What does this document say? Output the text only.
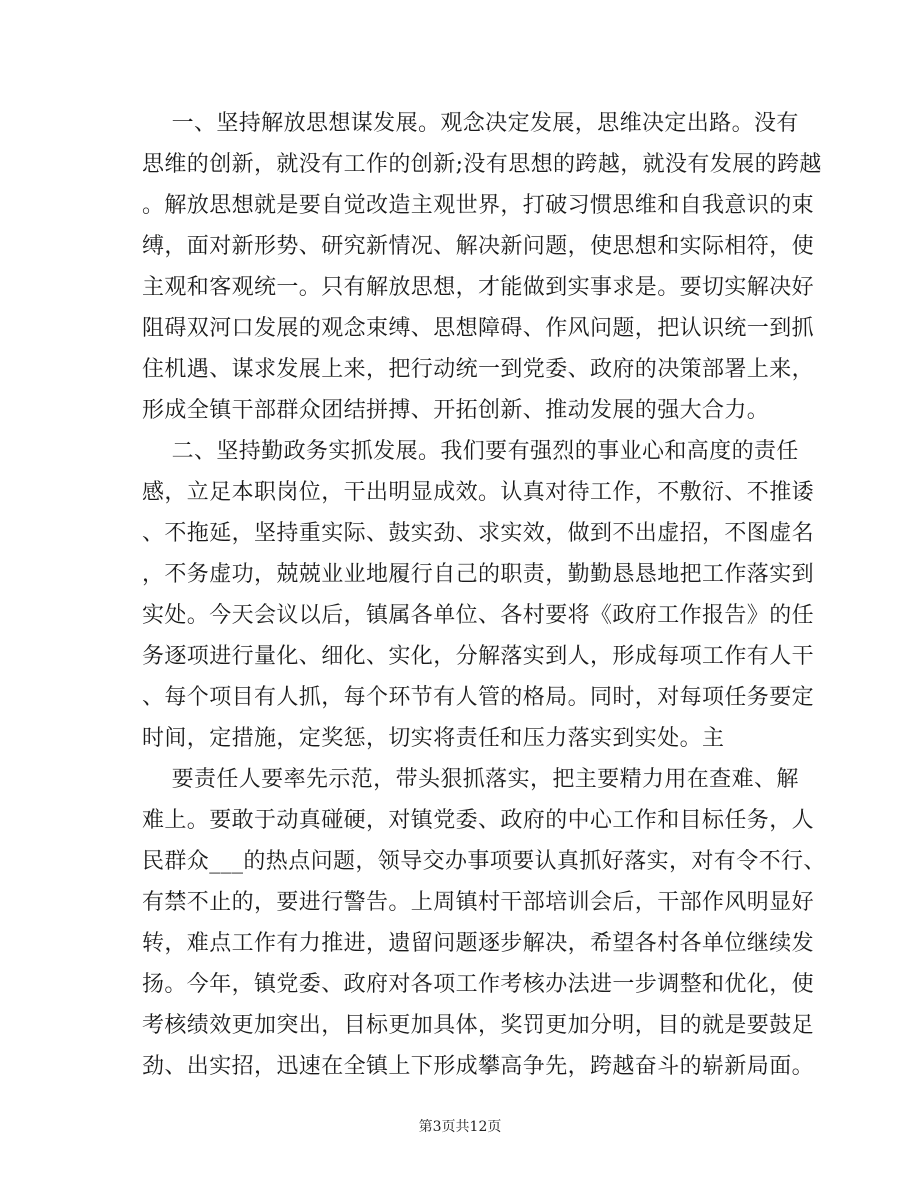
一、坚持解放思想谋发展。观念决定发展，思维决定出路。没有
思维的创新，就没有工作的创新;没有思想的跨越，就没有发展的跨越
。解放思想就是要自觉改造主观世界，打破习惯思维和自我意识的束
缚，面对新形势、研究新情况、解决新问题，使思想和实际相符，使
主观和客观统一。只有解放思想，才能做到实事求是。要切实解决好
阻碍双河口发展的观念束缚、思想障碍、作风问题，把认识统一到抓
住机遇、谋求发展上来，把行动统一到党委、政府的决策部署上来，
形成全镇干部群众团结拼搏、开拓创新、推动发展的强大合力。
二、坚持勤政务实抓发展。我们要有强烈的事业心和高度的责任
感，立足本职岗位，干出明显成效。认真对待工作，不敷衍、不推诿
、不拖延，坚持重实际、鼓实劲、求实效，做到不出虚招，不图虚名
，不务虚功，兢兢业业地履行自己的职责，勤勤恳恳地把工作落实到
实处。今天会议以后，镇属各单位、各村要将《政府工作报告》的任
务逐项进行量化、细化、实化，分解落实到人，形成每项工作有人干
、每个项目有人抓，每个环节有人管的格局。同时，对每项任务要定
时间，定措施，定奖惩，切实将责任和压力落实到实处。主
要责任人要率先示范，带头狠抓落实，把主要精力用在查难、解
难上。要敢于动真碰硬，对镇党委、政府的中心工作和目标任务，人
民群众___的热点问题，领导交办事项要认真抓好落实，对有令不行、
有禁不止的，要进行警告。上周镇村干部培训会后，干部作风明显好
转，难点工作有力推进，遗留问题逐步解决，希望各村各单位继续发
扬。今年，镇党委、政府对各项工作考核办法进一步调整和优化，使
考核绩效更加突出，目标更加具体，奖罚更加分明，目的就是要鼓足
劲、出实招，迅速在全镇上下形成攀高争先，跨越奋斗的崭新局面。
第3页共12页
